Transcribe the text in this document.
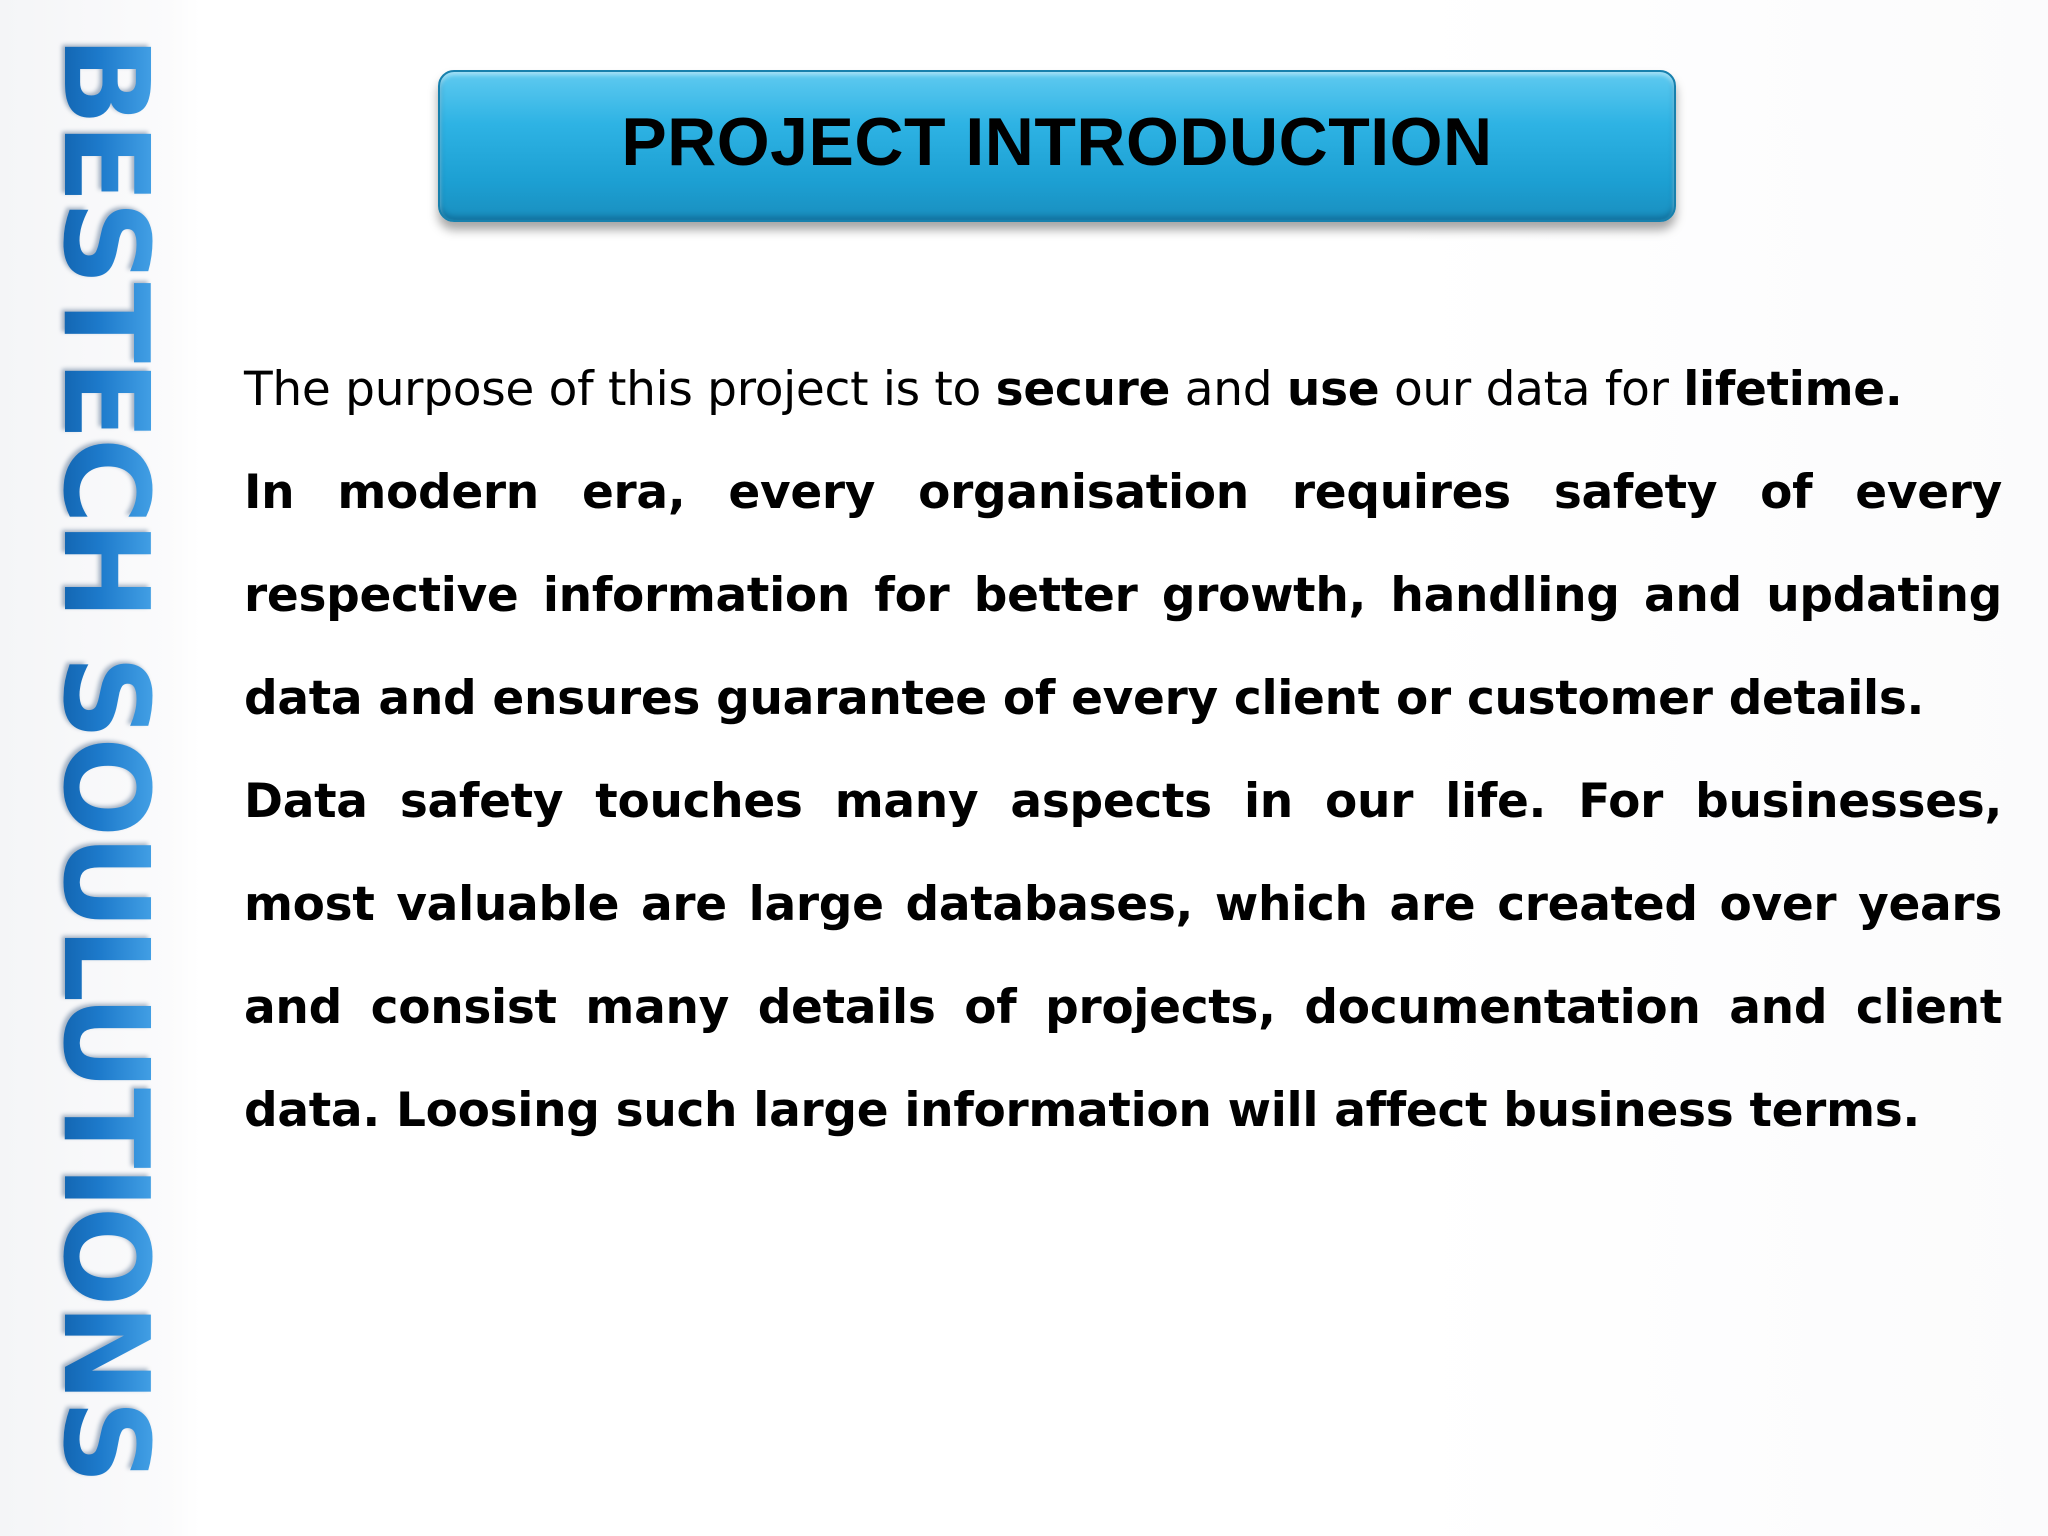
BESTECH SOULUTIONS	PROJECT INTRODUCTION

The purpose of this project is to secure and use our data for lifetime.

In modern era, every organisation requires safety of every respective information for better growth, handling and updating data and ensures guarantee of every client or customer details.

Data safety touches many aspects in our life. For businesses, most valuable are large databases, which are created over years and consist many details of projects, documentation and client data. Loosing such large information will affect business terms.
